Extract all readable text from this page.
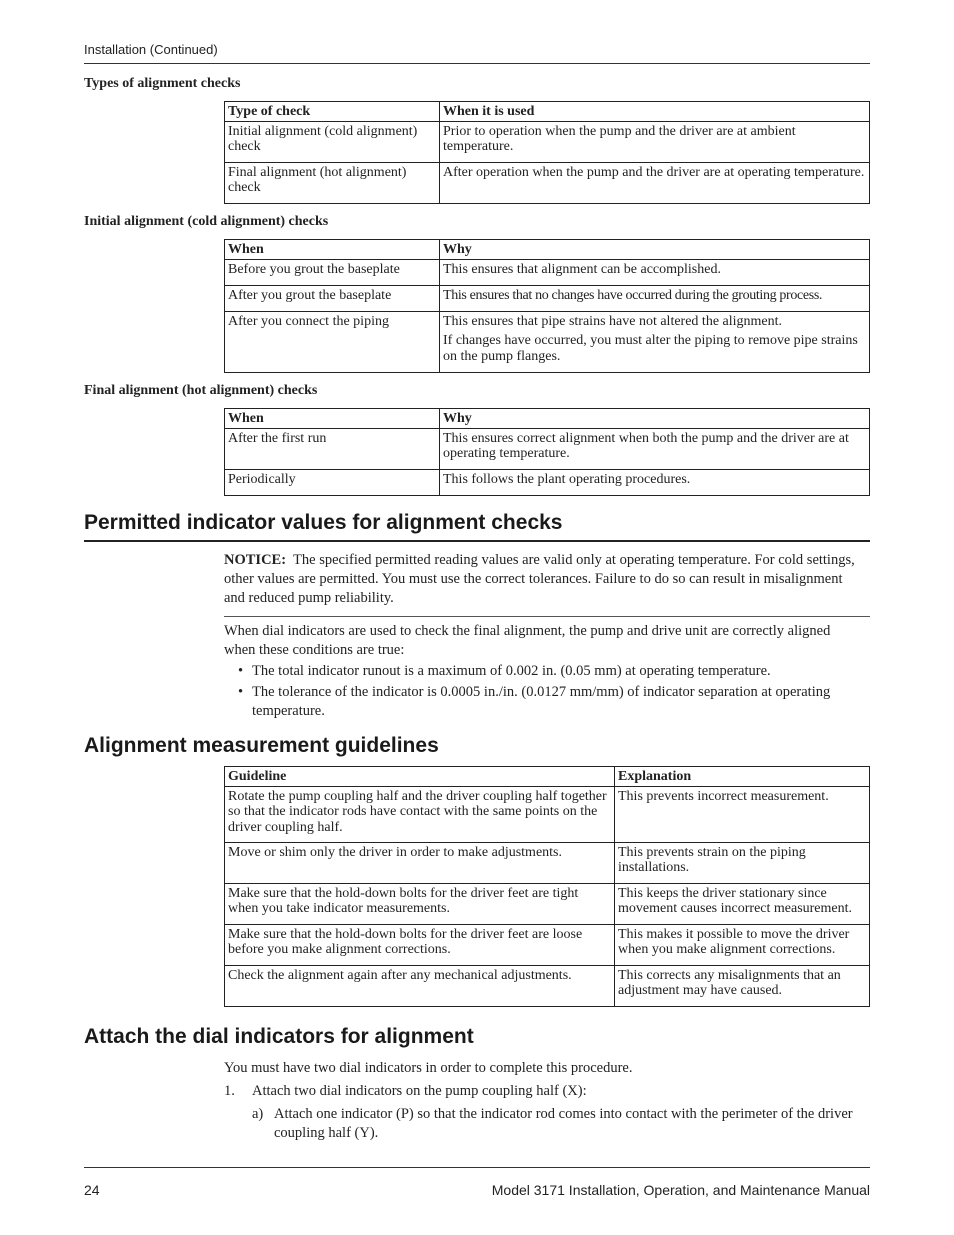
Installation (Continued)
Types of alignment checks
Type of check	When it is used
Initial alignment (cold alignment) check	Prior to operation when the pump and the driver are at ambient temperature.
Final alignment (hot alignment) check	After operation when the pump and the driver are at operating temperature.
Initial alignment (cold alignment) checks
When	Why
Before you grout the baseplate	This ensures that alignment can be accomplished.
After you grout the baseplate	This ensures that no changes have occurred during the grouting process.
After you connect the piping	This ensures that pipe strains have not altered the alignment.
If changes have occurred, you must alter the piping to remove pipe strains on the pump flanges.
Final alignment (hot alignment) checks
When	Why
After the first run	This ensures correct alignment when both the pump and the driver are at operating temperature.
Periodically	This follows the plant operating procedures.
Permitted indicator values for alignment checks
NOTICE: The specified permitted reading values are valid only at operating temperature. For cold settings, other values are permitted. You must use the correct tolerances. Failure to do so can result in misalignment and reduced pump reliability.
When dial indicators are used to check the final alignment, the pump and drive unit are correctly aligned when these conditions are true:
• The total indicator runout is a maximum of 0.002 in. (0.05 mm) at operating temperature.
• The tolerance of the indicator is 0.0005 in./in. (0.0127 mm/mm) of indicator separation at operating temperature.
Alignment measurement guidelines
Guideline	Explanation
Rotate the pump coupling half and the driver coupling half together so that the indicator rods have contact with the same points on the driver coupling half.	This prevents incorrect measurement.
Move or shim only the driver in order to make adjustments.	This prevents strain on the piping installations.
Make sure that the hold-down bolts for the driver feet are tight when you take indicator measurements.	This keeps the driver stationary since movement causes incorrect measurement.
Make sure that the hold-down bolts for the driver feet are loose before you make alignment corrections.	This makes it possible to move the driver when you make alignment corrections.
Check the alignment again after any mechanical adjustments.	This corrects any misalignments that an adjustment may have caused.
Attach the dial indicators for alignment
You must have two dial indicators in order to complete this procedure.
1. Attach two dial indicators on the pump coupling half (X):
a) Attach one indicator (P) so that the indicator rod comes into contact with the perimeter of the driver coupling half (Y).
24	Model 3171 Installation, Operation, and Maintenance Manual
